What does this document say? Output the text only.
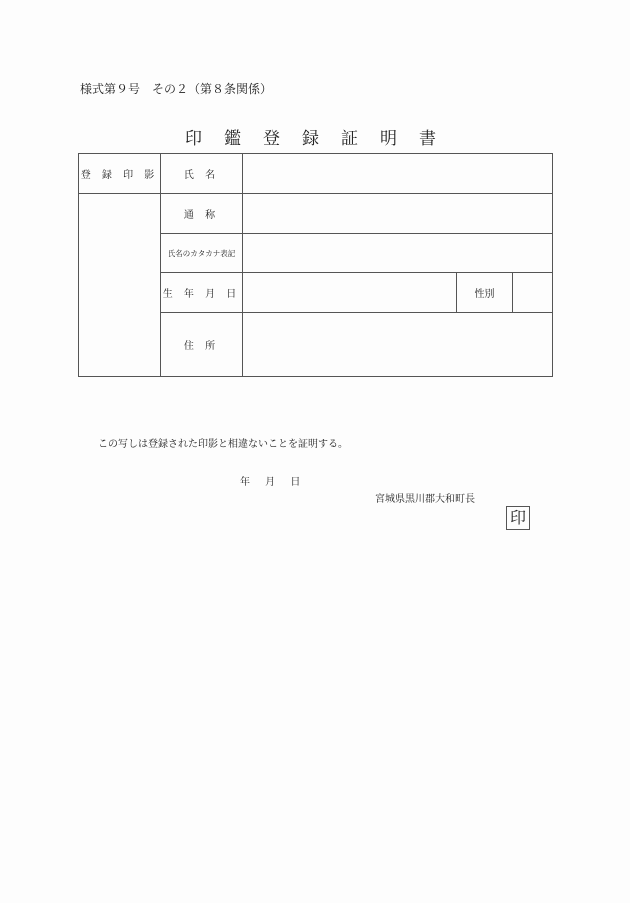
様式第９号　その２（第８条関係）
印鑑登録証明書
登 録 印 影	氏 名			
	通 称			
	氏名のカタカナ表記			
	生 年 月 日		性別	
	住 所			
この写しは登録された印影と相違ないことを証明する。
年 月 日
宮城県黒川郡大和町長
印
